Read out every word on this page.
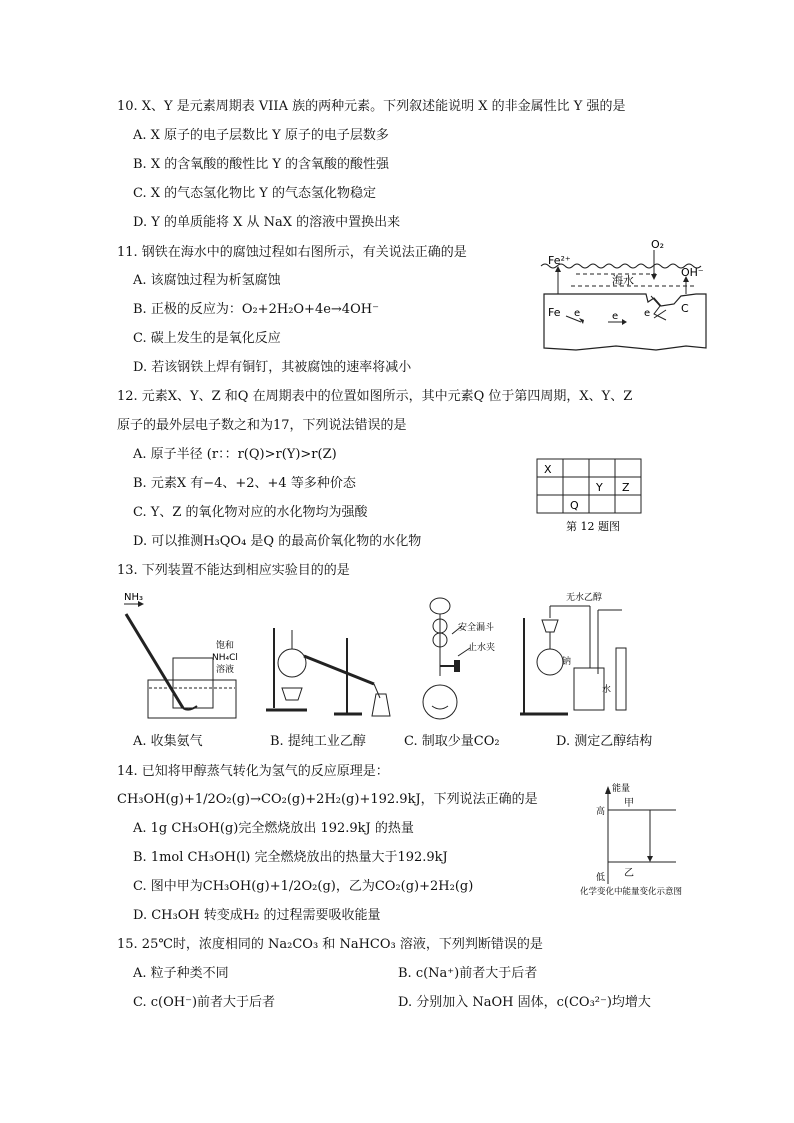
10. X、Y 是元素周期表 VIIA 族的两种元素。下列叙述能说明 X 的非金属性比 Y 强的是
A. X 原子的电子层数比 Y 原子的电子层数多
B. X 的含氧酸的酸性比 Y 的含氧酸的酸性强
C. X 的气态氢化物比 Y 的气态氢化物稳定
D. Y 的单质能将 X 从 NaX 的溶液中置换出来
11. 钢铁在海水中的腐蚀过程如右图所示，有关说法正确的是
A. 该腐蚀过程为析氢腐蚀
B. 正极的反应为：O₂+2H₂O+4e→4OH⁻
C. 碳上发生的是氧化反应
D. 若该钢铁上焊有铜钉，其被腐蚀的速率将减小
O₂
Fe²⁺
海水
OH⁻
Fe e	e	e	C
12. 元素X、Y、Z 和Q 在周期表中的位置如图所示，其中元素Q 位于第四周期，X、Y、Z
原子的最外层电子数之和为17，下列说法错误的是
A. 原子半径 (r：：r(Q)>r(Y)>r(Z)
B. 元素X 有−4、+2、+4 等多种价态
C. Y、Z 的氧化物对应的水化物均为强酸
D. 可以推测H₃QO₄ 是Q 的最高价氧化物的水化物
X
Y Z
Q
第 12 题图
13. 下列装置不能达到相应实验目的的是
NH₃
饱和
NH₄Cl
溶液
安全漏斗
止水夹
无水乙醇
钠
水
A. 收集氨气	B. 提纯工业乙醇	C. 制取少量CO₂	D. 测定乙醇结构
14. 已知将甲醇蒸气转化为氢气的反应原理是：
CH₃OH(g)+1/2O₂(g)→CO₂(g)+2H₂(g)+192.9kJ，下列说法正确的是
A. 1g CH₃OH(g)完全燃烧放出 192.9kJ 的热量
B. 1mol CH₃OH(l) 完全燃烧放出的热量大于192.9kJ
C. 图中甲为CH₃OH(g)+1/2O₂(g)，乙为CO₂(g)+2H₂(g)
D. CH₃OH 转变成H₂ 的过程需要吸收能量
能量
高
低
甲
乙
化学变化中能量变化示意图
15. 25℃时，浓度相同的 Na₂CO₃ 和 NaHCO₃ 溶液，下列判断错误的是
A. 粒子种类不同	B. c(Na⁺)前者大于后者
C. c(OH⁻)前者大于后者	D. 分别加入 NaOH 固体，c(CO₃²⁻)均增大
